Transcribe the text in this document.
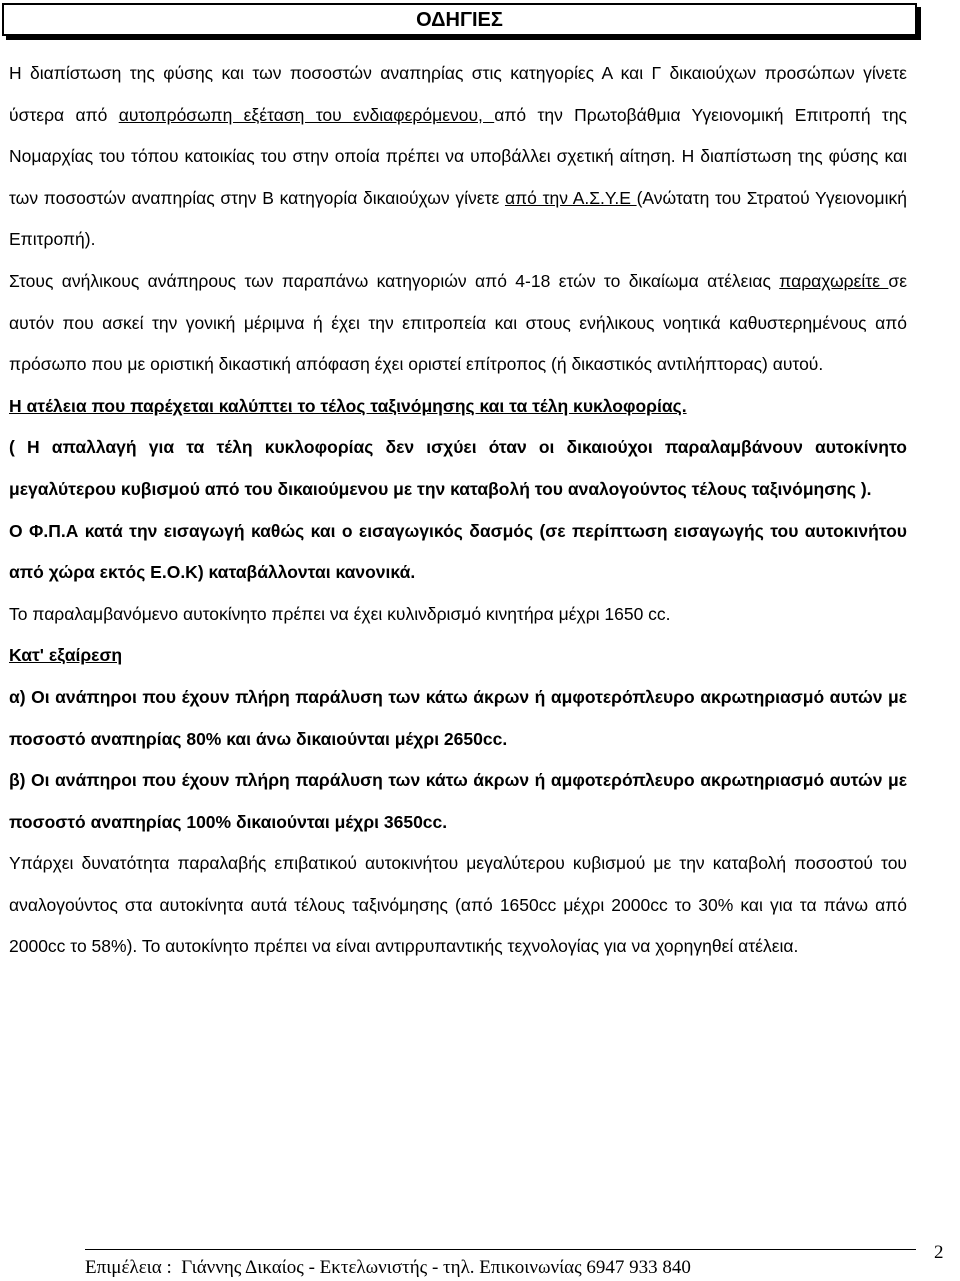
ΟΔΗΓΙΕΣ

Η διαπίστωση της φύσης και των ποσοστών αναπηρίας στις κατηγορίες Α και Γ δικαιούχων προσώπων γίνετε ύστερα από αυτοπρόσωπη εξέταση του ενδιαφερόμενου, από την Πρωτοβάθμια Υγειονομική Επιτροπή της Νομαρχίας του τόπου κατοικίας του στην οποία πρέπει να υποβάλλει σχετική αίτηση. Η διαπίστωση της φύσης και των ποσοστών αναπηρίας στην Β κατηγορία δικαιούχων γίνετε από την Α.Σ.Υ.Ε (Ανώτατη του Στρατού Υγειονομική Επιτροπή).

Στους ανήλικους ανάπηρους των παραπάνω κατηγοριών από 4-18 ετών το δικαίωμα ατέλειας παραχωρείτε σε αυτόν που ασκεί την γονική μέριμνα ή έχει την επιτροπεία και στους ενήλικους νοητικά καθυστερημένους από πρόσωπο που με οριστική δικαστική απόφαση έχει οριστεί επίτροπος (ή δικαστικός αντιλήπτορας) αυτού.

Η ατέλεια που παρέχεται καλύπτει το τέλος ταξινόμησης και τα τέλη κυκλοφορίας.

( Η απαλλαγή για τα τέλη κυκλοφορίας δεν ισχύει όταν οι δικαιούχοι παραλαμβάνουν αυτοκίνητο μεγαλύτερου κυβισμού από του δικαιούμενου με την καταβολή του αναλογούντος τέλους ταξινόμησης ).

Ο Φ.Π.Α κατά την εισαγωγή καθώς και ο εισαγωγικός δασμός (σε περίπτωση εισαγωγής του αυτοκινήτου από χώρα εκτός Ε.Ο.Κ) καταβάλλονται κανονικά.

Το παραλαμβανόμενο αυτοκίνητο πρέπει να έχει κυλινδρισμό κινητήρα μέχρι 1650 cc.

Κατ' εξαίρεση

α) Οι ανάπηροι που έχουν πλήρη παράλυση των κάτω άκρων ή αμφοτερόπλευρο ακρωτηριασμό αυτών με ποσοστό αναπηρίας 80% και άνω δικαιούνται μέχρι 2650cc.

β) Οι ανάπηροι που έχουν πλήρη παράλυση των κάτω άκρων ή αμφοτερόπλευρο ακρωτηριασμό αυτών με ποσοστό αναπηρίας 100% δικαιούνται μέχρι 3650cc.

Υπάρχει δυνατότητα παραλαβής επιβατικού αυτοκινήτου μεγαλύτερου κυβισμού με την καταβολή ποσοστού του αναλογούντος στα αυτοκίνητα αυτά τέλους ταξινόμησης (από 1650cc μέχρι 2000cc το 30% και για τα πάνω από 2000cc το 58%). Το αυτοκίνητο πρέπει να είναι αντιρρυπαντικής τεχνολογίας για να χορηγηθεί ατέλεια.

Επιμέλεια :  Γιάννης Δικαίος - Εκτελωνιστής - τηλ. Επικοινωνίας 6947 933 840
2
